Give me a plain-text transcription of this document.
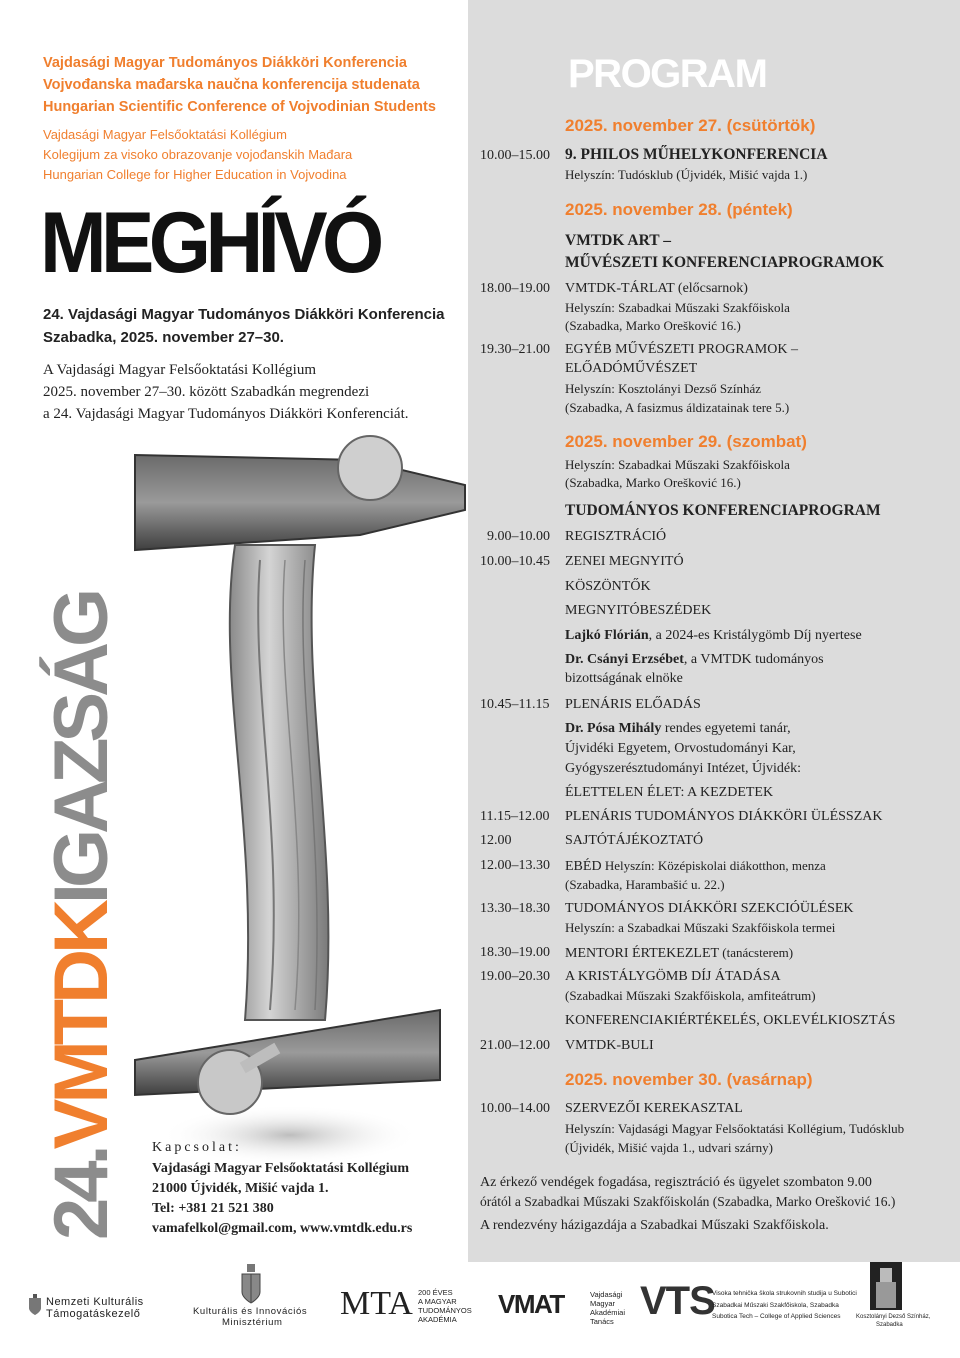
Vajdasági Magyar Tudományos Diákköri Konferencia
Vojvođanska mađarska naučna konferencija studenata
Hungarian Scientific Conference of Vojvodinian Students
Vajdasági Magyar Felsőoktatási Kollégium
Kolegijum za visoko obrazovanje vojođanskih Mađara
Hungarian College for Higher Education in Vojvodina
MEGHÍVÓ
24. Vajdasági Magyar Tudományos Diákköri Konferencia
Szabadka, 2025. november 27–30.
A Vajdasági Magyar Felsőoktatási Kollégium
2025. november 27–30. között Szabadkán megrendezi
a 24. Vajdasági Magyar Tudományos Diákköri Konferenciát.
24.VMTDKIGAZSÁG
Kapcsolat:
Vajdasági Magyar Felsőoktatási Kollégium
21000 Újvidék, Mišić vajda 1.
Tel: +381 21 521 380
vamafelkol@gmail.com, www.vmtdk.edu.rs
PROGRAM
2025. november 27. (csütörtök)
10.00–15.00 9. PHILOS MŰHELYKONFERENCIA
Helyszín: Tudósklub (Újvidék, Mišić vajda 1.)
2025. november 28. (péntek)
VMTDK ART –
MŰVÉSZETI KONFERENCIAPROGRAMOK
18.00–19.00 VMTDK-TÁRLAT (előcsarnok)
Helyszín: Szabadkai Műszaki Szakfőiskola
(Szabadka, Marko Orešković 16.)
19.30–21.00 EGYÉB MŰVÉSZETI PROGRAMOK –
ELŐADÓMŰVÉSZET
Helyszín: Kosztolányi Dezső Színház
(Szabadka, A fasizmus áldizatainak tere 5.)
2025. november 29. (szombat)
Helyszín: Szabadkai Műszaki Szakfőiskola
(Szabadka, Marko Orešković 16.)
TUDOMÁNYOS KONFERENCIAPROGRAM
9.00–10.00 REGISZTRÁCIÓ
10.00–10.45 ZENEI MEGNYITÓ
KÖSZÖNTŐK
MEGNYITÓBESZÉDEK
Lajkó Flórián, a 2024-es Kristálygömb Díj nyertese
Dr. Csányi Erzsébet, a VMTDK tudományos
bizottságának elnöke
10.45–11.15 PLENÁRIS ELŐADÁS
Dr. Pósa Mihály rendes egyetemi tanár,
Újvidéki Egyetem, Orvostudományi Kar,
Gyógyszerésztudományi Intézet, Újvidék:
ÉLETTELEN ÉLET: A KEZDETEK
11.15–12.00 PLENÁRIS TUDOMÁNYOS DIÁKKÖRI ÜLÉSSZAK
12.00	SAJTÓTÁJÉKOZTATÓ
12.00–13.30 EBÉD Helyszín: Középiskolai diákotthon, menza
(Szabadka, Harambašić u. 22.)
13.30–18.30 TUDOMÁNYOS DIÁKKÖRI SZEKCIÓÜLÉSEK
Helyszín: a Szabadkai Műszaki Szakfőiskola termei
18.30–19.00 MENTORI ÉRTEKEZLET (tanácsterem)
19.00–20.30 A KRISTÁLYGÖMB DÍJ ÁTADÁSA
(Szabadkai Műszaki Szakfőiskola, amfiteátrum)
KONFERENCIAKIÉRTÉKELÉS, OKLEVÉLKIOSZTÁS
21.00–12.00 VMTDK-BULI
2025. november 30. (vasárnap)
10.00–14.00 SZERVEZŐI KEREKASZTAL
Helyszín: Vajdasági Magyar Felsőoktatási Kollégium, Tudósklub
(Újvidék, Mišić vajda 1., udvari szárny)
Az érkező vendégek fogadása, regisztráció és ügyelet szombaton 9.00
órától a Szabadkai Műszaki Szakfőiskolán (Szabadka, Marko Orešković 16.)
A rendezvény házigazdája a Szabadkai Műszaki Szakfőiskola.
Nemzeti Kulturális
Támogatáskezelő	Kulturális és Innovációs
Minisztérium
MTA 200 ÉVES
A MAGYAR
TUDOMÁNYOS
AKADÉMIA
VMAT	Vajdasági
Magyar
Akadémiai
Tanács VTS
Visoka tehnička škola strukovnih studija u Subotici
Szabadkai Műszaki Szakfőiskola, Szabadka
Subotica Tech – College of Applied Sciences	Kosztolányi Dezső Színház,
Szabadka
